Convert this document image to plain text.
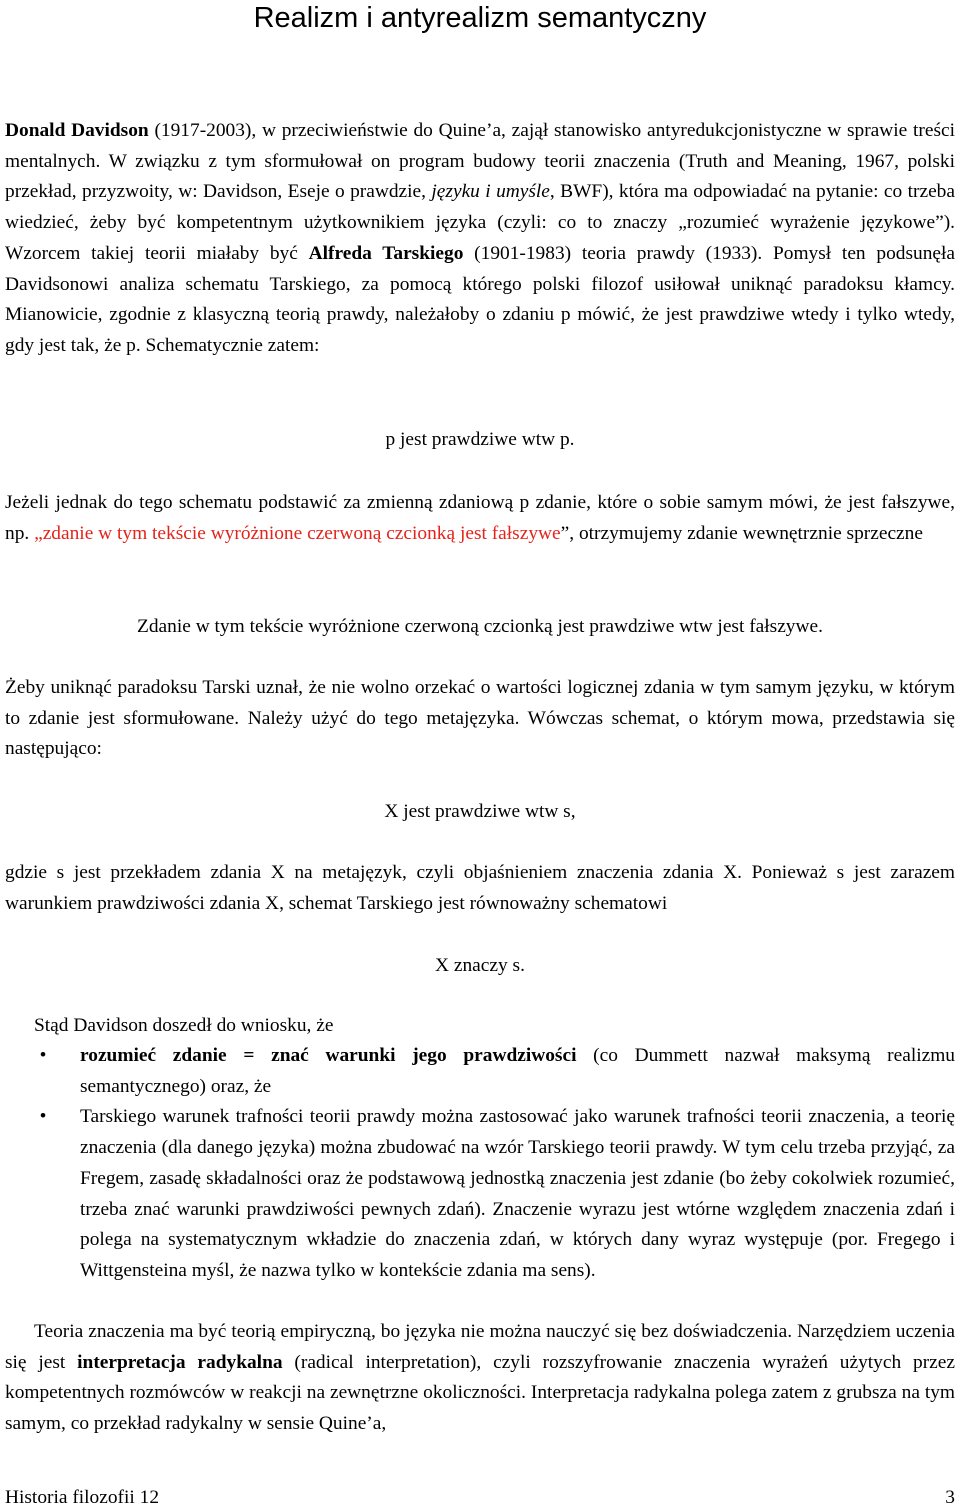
Realizm i antyrealizm semantyczny
Donald Davidson (1917-2003), w przeciwieństwie do Quine’a, zajął stanowisko antyredukcjonistyczne w sprawie treści mentalnych. W związku z tym sformułował on program budowy teorii znaczenia (Truth and Meaning, 1967, polski przekład, przyzwoity, w: Davidson, Eseje o prawdzie, języku i umyśle, BWF), która ma odpowiadać na pytanie: co trzeba wiedzieć, żeby być kompetentnym użytkownikiem języka (czyli: co to znaczy „rozumieć wyrażenie językowe”). Wzorcem takiej teorii miałaby być Alfreda Tarskiego (1901-1983) teoria prawdy (1933). Pomysł ten podsunęła Davidsonowi analiza schematu Tarskiego, za pomocą którego polski filozof usiłował uniknąć paradoksu kłamcy. Mianowicie, zgodnie z klasyczną teorią prawdy, należałoby o zdaniu p mówić, że jest prawdziwe wtedy i tylko wtedy, gdy jest tak, że p. Schematycznie zatem:
p jest prawdziwe wtw p.
Jeżeli jednak do tego schematu podstawić za zmienną zdaniową p zdanie, które o sobie samym mówi, że jest fałszywe, np. „zdanie w tym tekście wyróżnione czerwoną czcionką jest fałszywe”, otrzymujemy zdanie wewnętrznie sprzeczne
Zdanie w tym tekście wyróżnione czerwoną czcionką jest prawdziwe wtw jest fałszywe.
Żeby uniknąć paradoksu Tarski uznał, że nie wolno orzekać o wartości logicznej zdania w tym samym języku, w którym to zdanie jest sformułowane. Należy użyć do tego metajęzyka. Wówczas schemat, o którym mowa, przedstawia się następująco:
X jest prawdziwe wtw s,
gdzie s jest przekładem zdania X na metajęzyk, czyli objaśnieniem znaczenia zdania X. Ponieważ s jest zarazem warunkiem prawdziwości zdania X, schemat Tarskiego jest równoważny schematowi
X znaczy s.
Stąd Davidson doszedł do wniosku, że
• rozumieć zdanie = znać warunki jego prawdziwości (co Dummett nazwał maksymą realizmu semantycznego) oraz, że
• Tarskiego warunek trafności teorii prawdy można zastosować jako warunek trafności teorii znaczenia, a teorię znaczenia (dla danego języka) można zbudować na wzór Tarskiego teorii prawdy. W tym celu trzeba przyjąć, za Fregem, zasadę składalności oraz że podstawową jednostką znaczenia jest zdanie (bo żeby cokolwiek rozumieć, trzeba znać warunki prawdziwości pewnych zdań). Znaczenie wyrazu jest wtórne względem znaczenia zdań i polega na systematycznym wkładzie do znaczenia zdań, w których dany wyraz występuje (por. Fregego i Wittgensteina myśl, że nazwa tylko w kontekście zdania ma sens).
Teoria znaczenia ma być teorią empiryczną, bo języka nie można nauczyć się bez doświadczenia. Narzędziem uczenia się jest interpretacja radykalna (radical interpretation), czyli rozszyfrowanie znaczenia wyrażeń użytych przez kompetentnych rozmówców w reakcji na zewnętrzne okoliczności. Interpretacja radykalna polega zatem z grubsza na tym samym, co przekład radykalny w sensie Quine’a,
Historia filozofii 12	3
